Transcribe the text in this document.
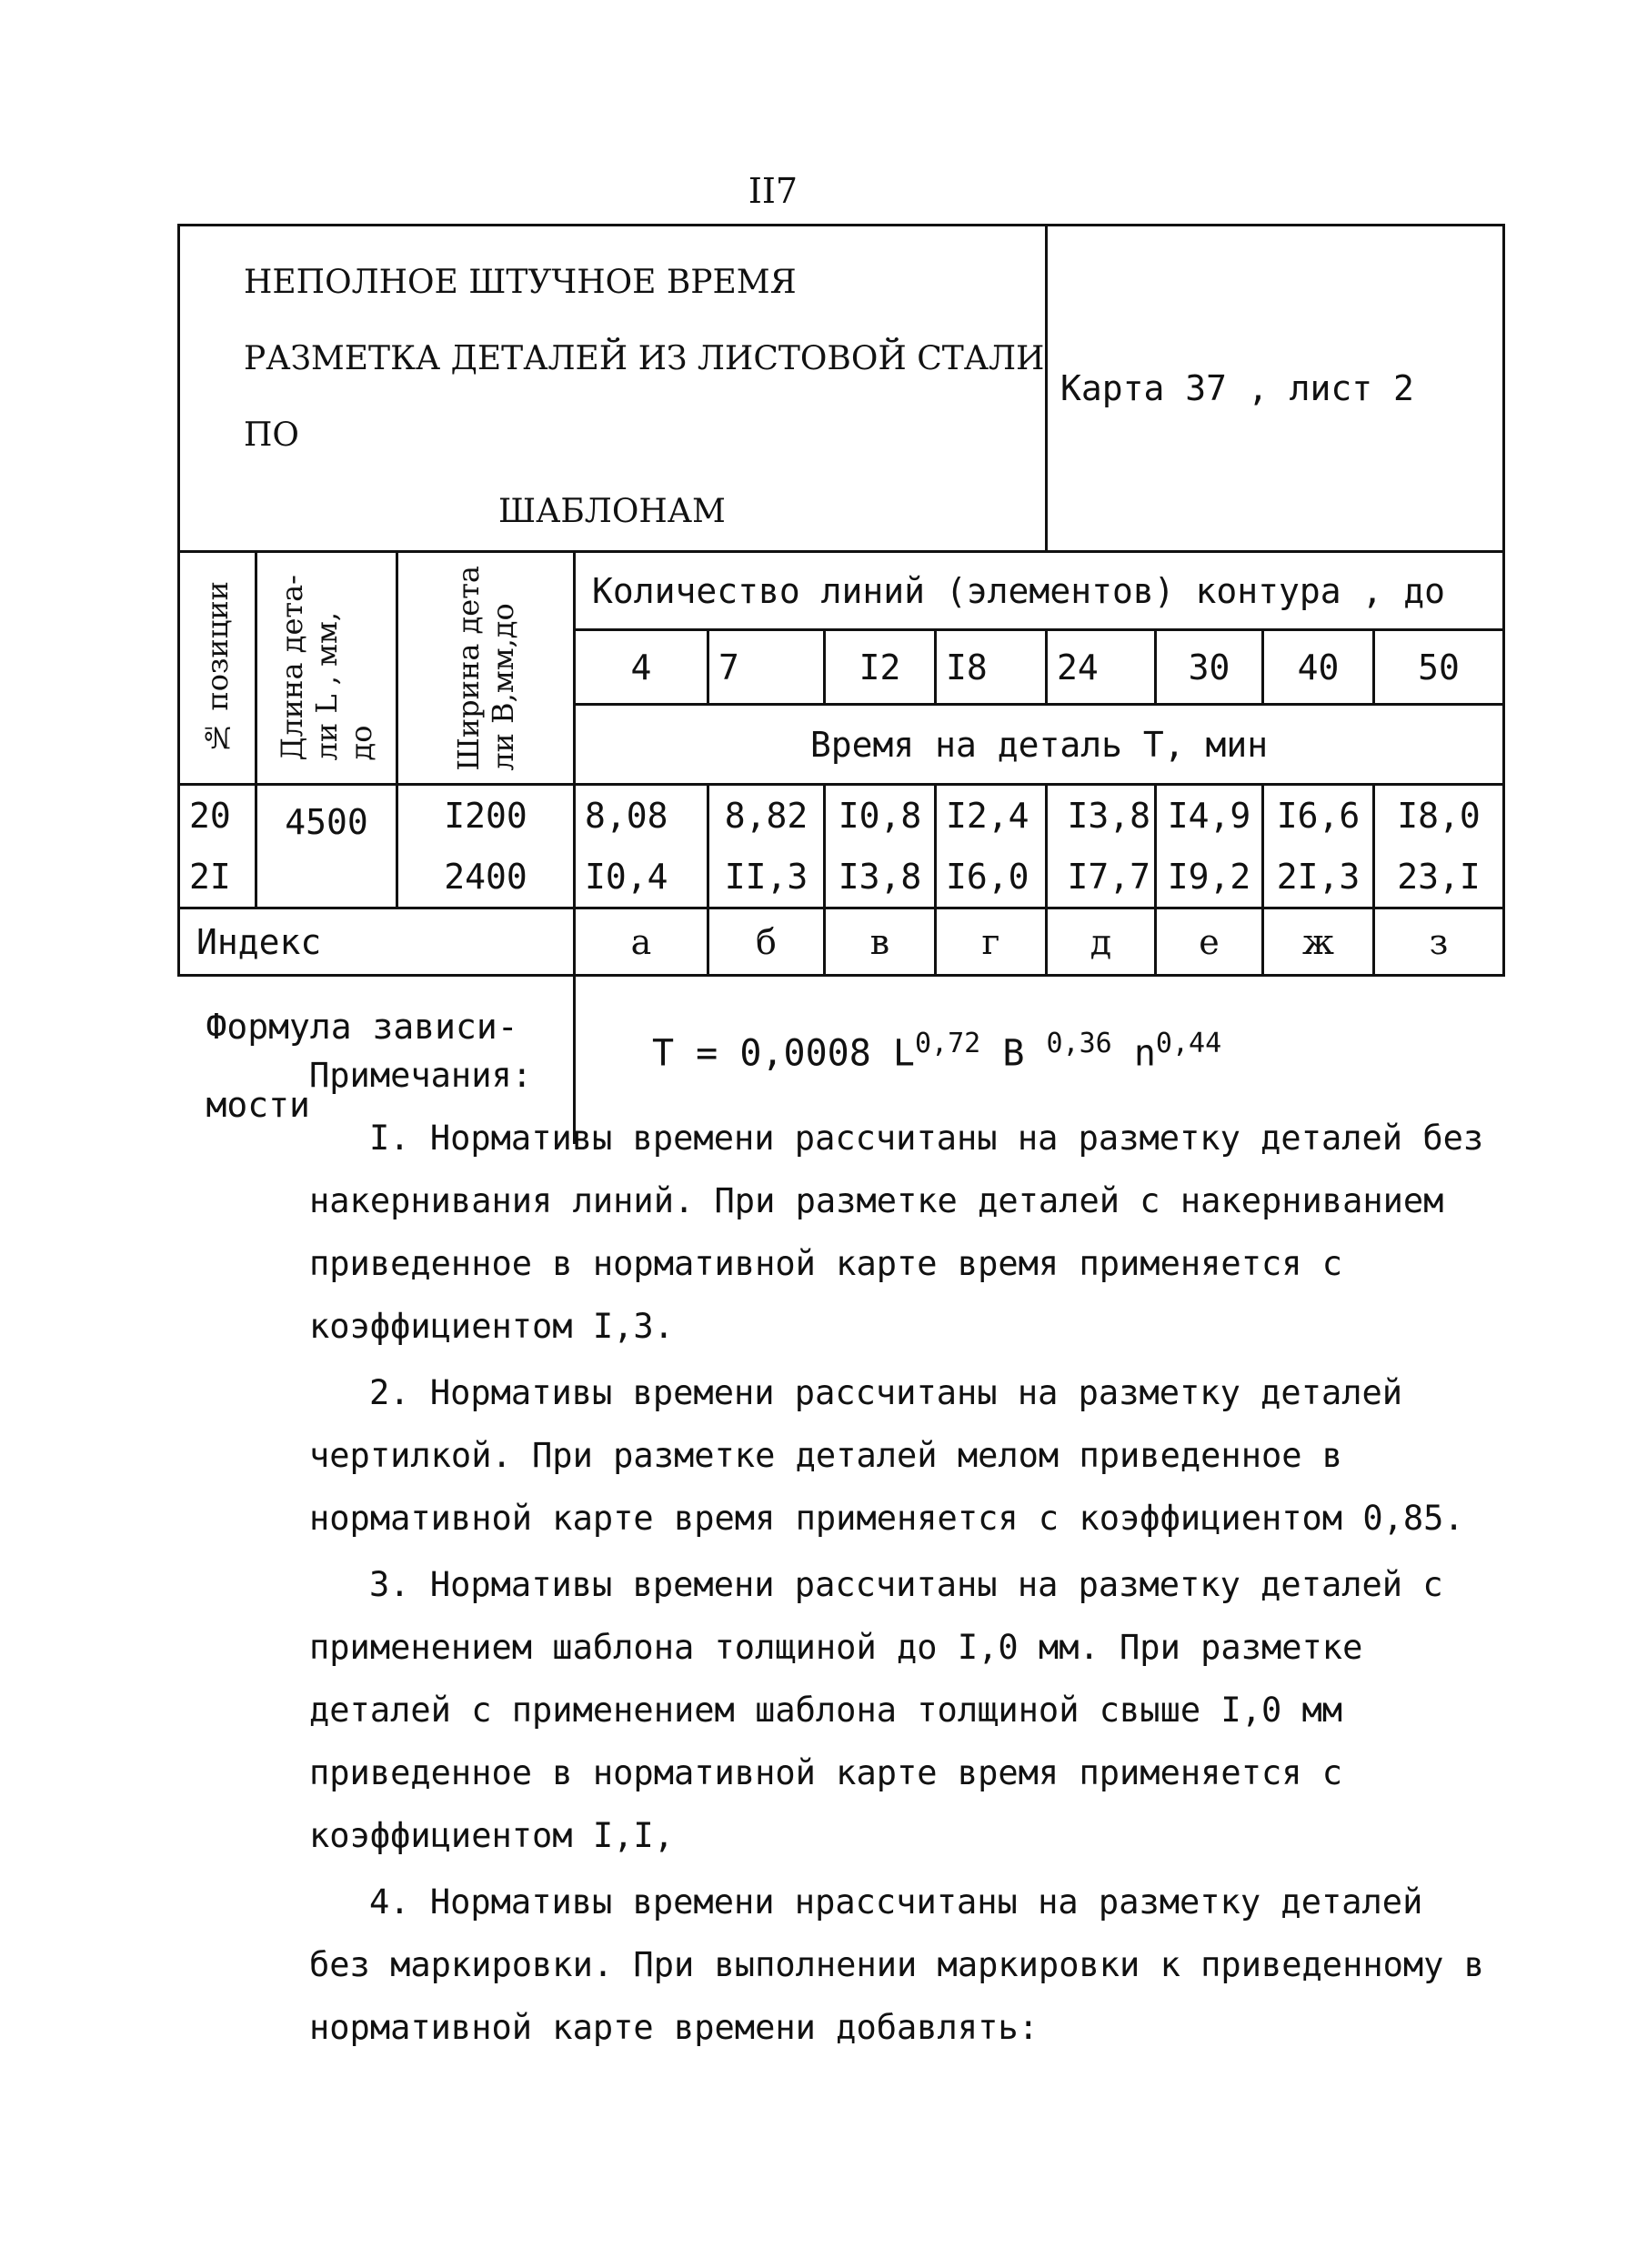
II7
НЕПОЛНОЕ ШТУЧНОЕ ВРЕМЯ
РАЗМЕТКА ДЕТАЛЕЙ ИЗ ЛИСТОВОЙ СТАЛИ ПО
ШАБЛОНАМ							Карта 37 , лист 2			

№ позиции	Длина дета-
ли L , мм,
до	Ширина дета
ли В,мм,до	Количество линий (элементов) контура , до							
			4	7	I2	I8	24	30	40	50
			Время на деталь Т, мин							
20	4500	I200	8,08	8,82	I0,8	I2,4	I3,8	I4,9	I6,6	I8,0
2I		2400	I0,4	II,3	I3,8	I6,0	I7,7	I9,2	2I,3	23,I
Индекс			а	б	в	г	д	е	ж	з

Формула зависи-
мости			Т = 0,0008 L$^{0,72}$ В $^{0,36}$ $n^{0,44}$

Примечания:

I. Нормативы времени рассчитаны на разметку деталей без накернивания линий. При разметке деталей с накерниванием приведенное в нормативной карте время применяется с коэффициентом I,3.

2. Нормативы времени рассчитаны на разметку деталей чертилкой. При разметке деталей мелом приведенное в нормативной карте время применяется с коэффициентом 0,85.

3. Нормативы времени рассчитаны на разметку деталей с применением шаблона толщиной до I,0 мм. При разметке деталей с применением шаблона толщиной свыше I,0 мм приведенное в нормативной карте время применяется с коэффициентом I,I,

4. Нормативы времени нрассчитаны на разметку деталей без маркировки. При выполнении маркировки к приведенному в нормативной карте времени добавлять:
